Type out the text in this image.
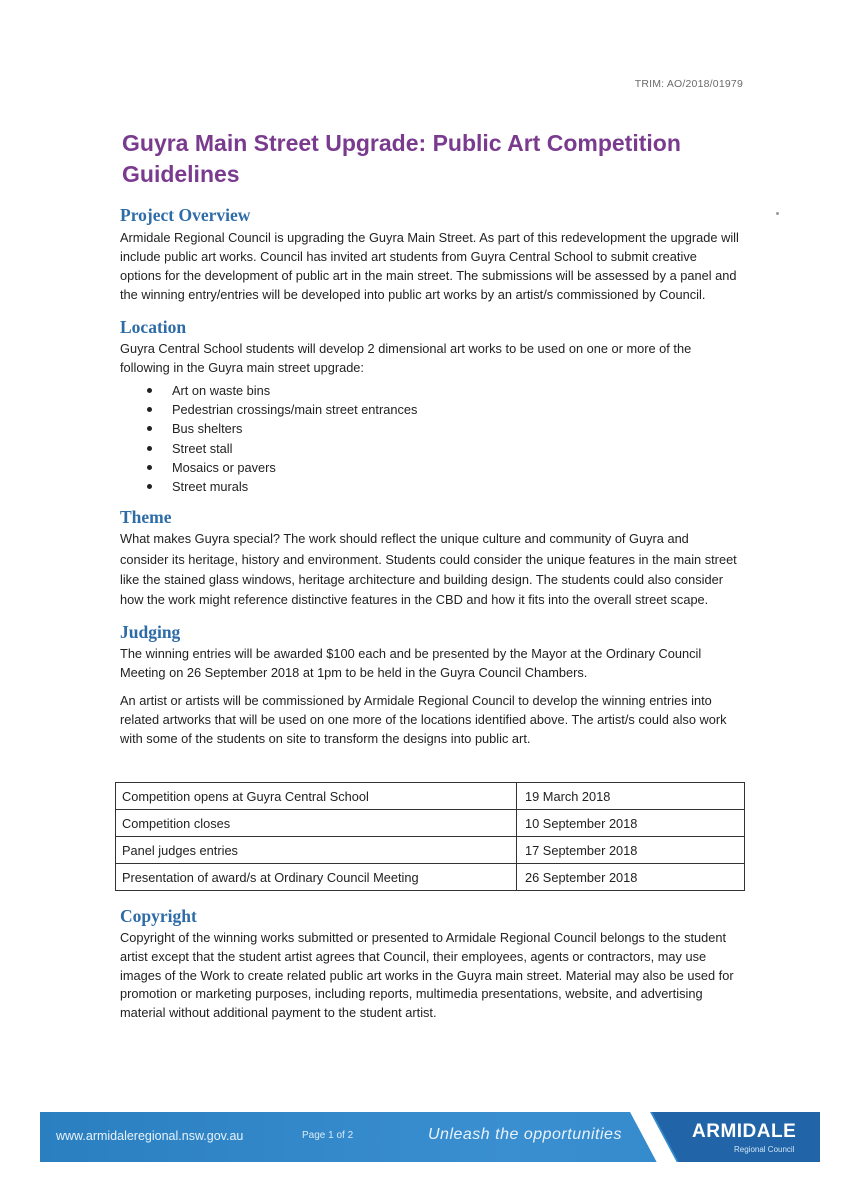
TRIM: AO/2018/01979
Guyra Main Street Upgrade: Public Art Competition Guidelines
Project Overview

Armidale Regional Council is upgrading the Guyra Main Street. As part of this redevelopment the upgrade will include public art works. Council has invited art students from Guyra Central School to submit creative options for the development of public art in the main street. The submissions will be assessed by a panel and the winning entry/entries will be developed into public art works by an artist/s commissioned by Council.

Location

Guyra Central School students will develop 2 dimensional art works to be used on one or more of the following in the Guyra main street upgrade:

Art on waste bins
Pedestrian crossings/main street entrances
Bus shelters
Street stall
Mosaics or pavers
Street murals
Theme

What makes Guyra special? The work should reflect the unique culture and community of Guyra and consider its heritage, history and environment. Students could consider the unique features in the main street like the stained glass windows, heritage architecture and building design. The students could also consider how the work might reference distinctive features in the CBD and how it fits into the overall street scape.

Judging

The winning entries will be awarded $100 each and be presented by the Mayor at the Ordinary Council Meeting on 26 September 2018 at 1pm to be held in the Guyra Council Chambers.

An artist or artists will be commissioned by Armidale Regional Council to develop the winning entries into related artworks that will be used on one more of the locations identified above. The artist/s could also work with some of the students on site to transform the designs into public art.

Competition opens at Guyra Central School	19 March 2018
Competition closes	10 September 2018
Panel judges entries	17 September 2018
Presentation of award/s at Ordinary Council Meeting	26 September 2018
Copyright

Copyright of the winning works submitted or presented to Armidale Regional Council belongs to the student artist except that the student artist agrees that Council, their employees, agents or contractors, may use images of the Work to create related public art works in the Guyra main street. Material may also be used for promotion or marketing purposes, including reports, multimedia presentations, website, and advertising material without additional payment to the student artist.

www.armidaleregional.nsw.gov.au	Page 1 of 2	Unleash the opportunities	ARMIDALE
Regional Council
